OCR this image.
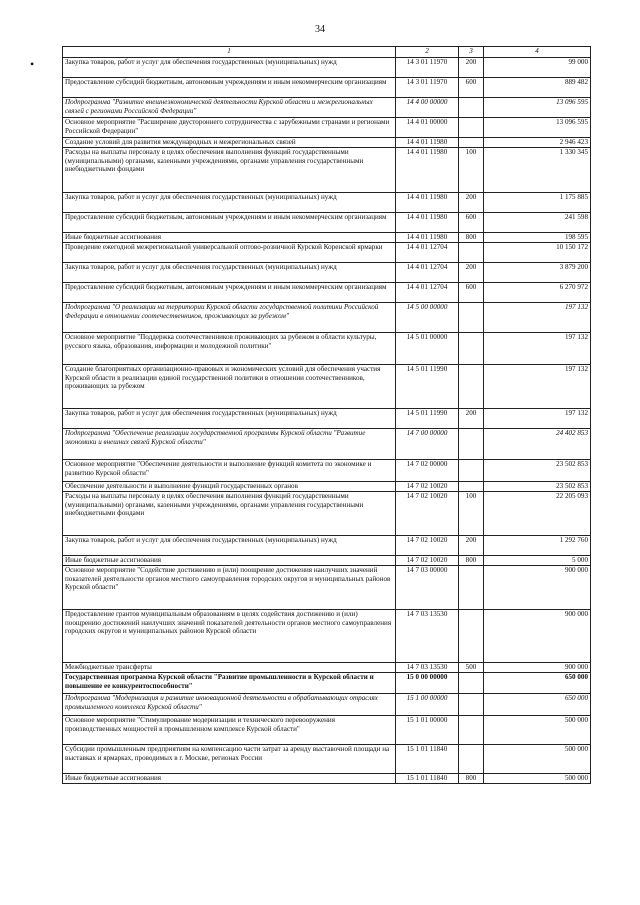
34
•
1	2	3	4
Закупка товаров, работ и услуг для обеспечения государственных (муниципальных) нужд	14 3 01 11970	200	99 000
Предоставление субсидий бюджетным, автономным учреждениям и иным некоммерческим организациям	14 3 01 11970	600	889 482
Подпрограмма "Развитие внешнеэкономической деятельности Курской области и межрегиональных связей с регионами Российской Федерации"	14 4 00 00000		13 096 595
Основное мероприятие "Расширение двустороннего сотрудничества с зарубежными странами и регионами Российской Федерации"	14 4 01 00000		13 096 595
Создание условий для развития международных и межрегиональных связей	14 4 01 11980		2 946 423
Расходы на выплаты персоналу в целях обеспечения выполнения функций государственными (муниципальными) органами, казенными учреждениями, органами управления государственными внебюджетными фондами	14 4 01 11980	100	1 330 345
Закупка товаров, работ и услуг для обеспечения государственных (муниципальных) нужд	14 4 01 11980	200	1 175 885
Предоставление субсидий бюджетным, автономным учреждениям и иным некоммерческим организациям	14 4 01 11980	600	241 598
Иные бюджетные ассигнования	14 4 01 11980	800	198 595
Проведение ежегодной межрегиональной универсальной оптово-розничной Курской Коренской ярмарки	14 4 01 12704		10 150 172
Закупка товаров, работ и услуг для обеспечения государственных (муниципальных) нужд	14 4 01 12704	200	3 879 200
Предоставление субсидий бюджетным, автономным учреждениям и иным некоммерческим организациям	14 4 01 12704	600	6 270 972
Подпрограмма "О реализации на территории Курской области государственной политики Российской Федерации в отношении соотечественников, проживающих за рубежом"	14 5 00 00000		197 132
Основное мероприятие "Поддержка соотечественников проживающих за рубежом в области культуры, русского языка, образования, информации и молодежной политики"	14 5 01 00000		197 132
Создание благоприятных организационно-правовых и экономических условий для обеспечения участия Курской области в реализации единой государственной политики в отношении соотечественников, проживающих за рубежом	14 5 01 11990		197 132
Закупка товаров, работ и услуг для обеспечения государственных (муниципальных) нужд	14 5 01 11990	200	197 132
Подпрограмма "Обеспечение реализации государственной программы Курской области "Развитие экономики и внешних связей Курской области"	14 7 00 00000		24 402 853
Основное мероприятие "Обеспечение деятельности и выполнение функций комитета по экономике и развитию Курской области"	14 7 02 00000		23 502 853
Обеспечение деятельности и выполнение функций государственных органов	14 7 02 10020		23 502 853
Расходы на выплаты персоналу в целях обеспечения выполнения функций государственными (муниципальными) органами, казенными учреждениями, органами управления государственными внебюджетными фондами	14 7 02 10020	100	22 205 093
Закупка товаров, работ и услуг для обеспечения государственных (муниципальных) нужд	14 7 02 10020	200	1 292 760
Иные бюджетные ассигнования	14 7 02 10020	800	5 000
Основное мероприятие "Содействие достижению и (или) поощрение достижения наилучших значений показателей деятельности органов местного самоуправления городских округов и муниципальных районов Курской области"	14 7 03 00000		900 000
Предоставление грантов муниципальным образованиям в целях содействия достижению и (или) поощрению достижений наилучших значений показателей деятельности органов местного самоуправления городских округов и муниципальных районов Курской области	14 7 03 13530		900 000
Межбюджетные трансферты	14 7 03 13530	500	900 000
Государственная программа Курской области "Развитие промышленности в Курской области и повышение ее конкурентоспособности"	15 0 00 00000		650 000
Подпрограмма "Модернизация и развитие инновационной деятельности в обрабатывающих отраслях промышленного комплекса Курской области"	15 1 00 00000		650 000
Основное мероприятие "Стимулирование модернизации и технического перевооружения производственных мощностей в промышленном комплексе Курской области"	15 1 01 00000		500 000
Субсидии промышленным предприятиям на компенсацию части затрат за аренду выставочной площади на выставках и ярмарках, проводимых в г. Москве, регионах России	15 1 01 11840		500 000
Иные бюджетные ассигнования	15 1 01 11840	800	500 000
